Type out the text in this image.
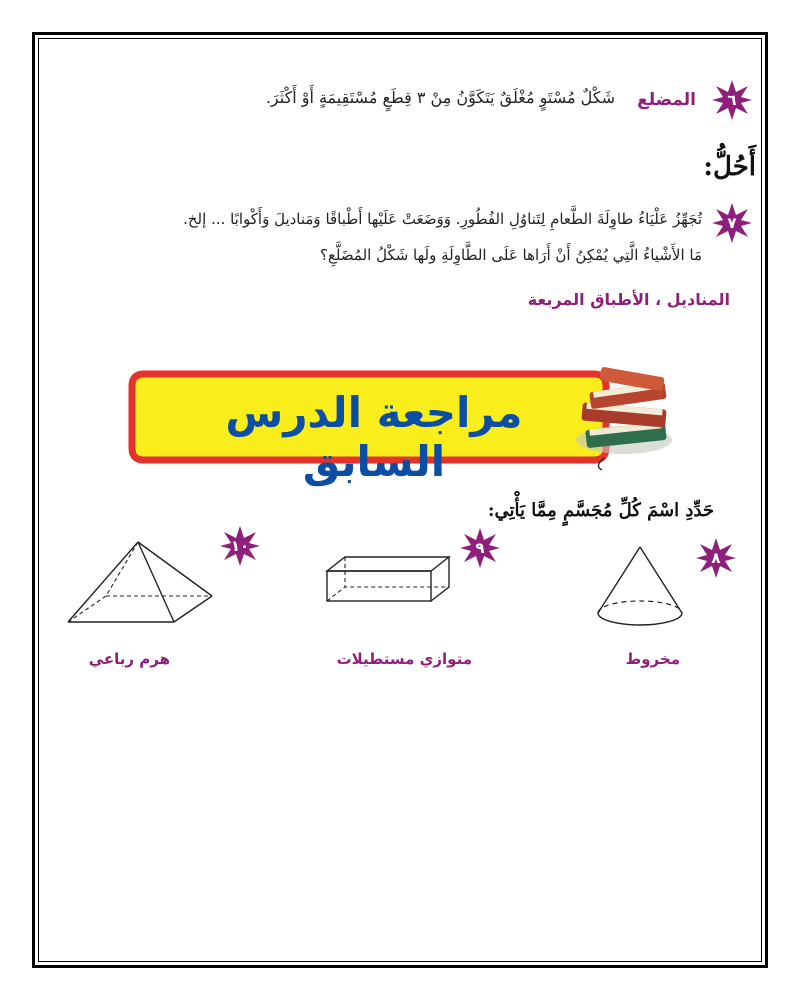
٦
المضلع
شَكْلٌ مُسْتَوٍ مُغْلَقٌ يَتَكَوَّنُ مِنْ ٣ قِطَعٍ مُسْتَقِيمَةٍ أَوْ أَكْثَرَ.
أَحُلُّ:
٧
تُجَهِّزُ عَلْيَاءُ طاوِلَةَ الطَّعامِ لِتَناوُلِ الفُطُورِ. وَوَضَعَتْ عَلَيْها أَطْباقًا وَمَناديلَ وَأَكْوابًا ... إلخ.
مَا الأَشْياءُ الَّتِي يُمْكِنُ أَنْ أَرَاها عَلَى الطَّاوِلَةِ ولَها شَكْلُ المُضَلَّعِ؟
المناديل ، الأطباق المربعة
مراجعة الدرس السابق
حَدِّدِ اسْمَ كُلِّ مُجَسَّمٍ مِمَّا يَأْتِي:
٨
٩
١٠
مخروط
متوازي مستطيلات
هرم رباعي
